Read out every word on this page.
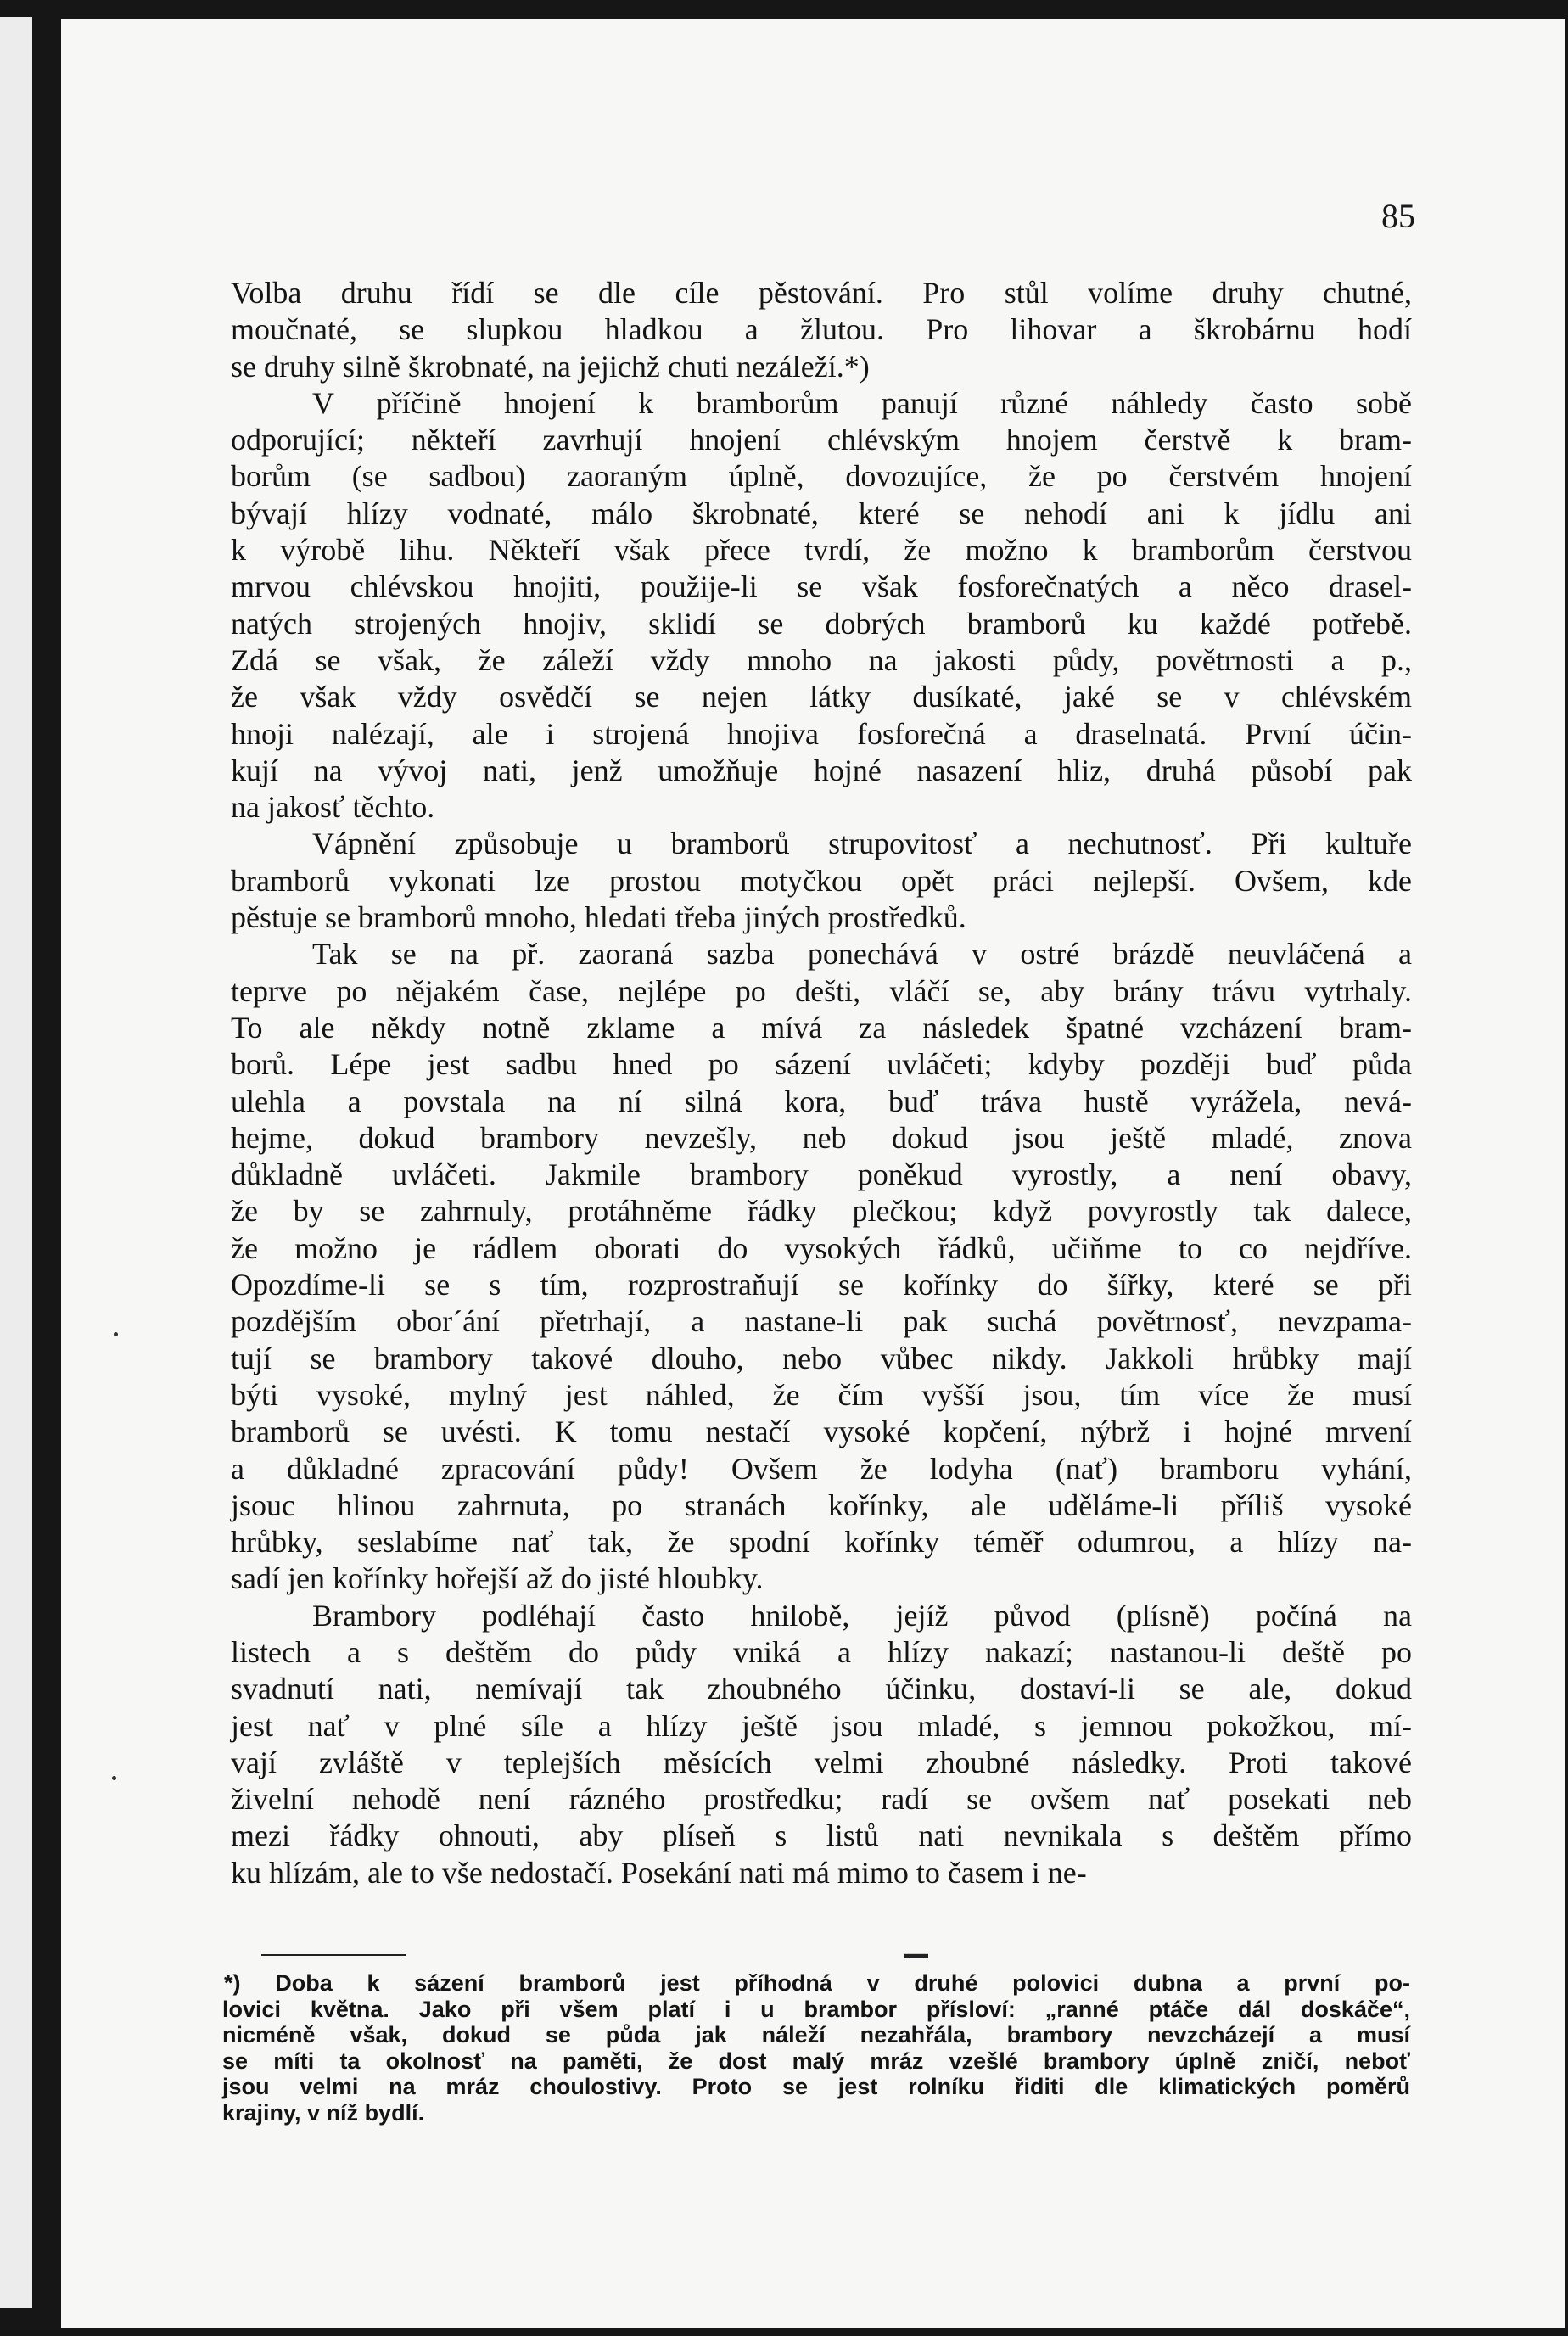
85

Volba druhu řídí se dle cíle pěstování. Pro stůl volíme druhy chutné,
moučnaté, se slupkou hladkou a žlutou. Pro lihovar a škrobárnu hodí
se druhy silně škrobnaté, na jejichž chuti nezáleží.*)

V příčině hnojení k bramborům panují různé náhledy často sobě
odporující; někteří zavrhují hnojení chlévským hnojem čerstvě k bram-
borům (se sadbou) zaoraným úplně, dovozujíce, že po čerstvém hnojení
bývají hlízy vodnaté, málo škrobnaté, které se nehodí ani k jídlu ani
k výrobě lihu. Někteří však přece tvrdí, že možno k bramborům čerstvou
mrvou chlévskou hnojiti, použije-li se však fosforečnatých a něco drasel-
natých strojených hnojiv, sklidí se dobrých bramborů ku každé potřebě.
Zdá se však, že záleží vždy mnoho na jakosti půdy, povětrnosti a p.,
že však vždy osvědčí se nejen látky dusíkaté, jaké se v chlévském
hnoji nalézají, ale i strojená hnojiva fosforečná a draselnatá. První účin-
kují na vývoj nati, jenž umožňuje hojné nasazení hliz, druhá působí pak
na jakosť těchto.

Vápnění způsobuje u bramborů strupovitosť a nechutnosť. Při kultuře
bramborů vykonati lze prostou motyčkou opět práci nejlepší. Ovšem, kde
pěstuje se bramborů mnoho, hledati třeba jiných prostředků.

Tak se na př. zaoraná sazba ponechává v ostré brázdě neuvláčená a
teprve po nějakém čase, nejlépe po dešti, vláčí se, aby brány trávu vytrhaly.
To ale někdy notně zklame a mívá za následek špatné vzcházení bram-
borů. Lépe jest sadbu hned po sázení uvláčeti; kdyby později buď půda
ulehla a povstala na ní silná kora, buď tráva hustě vyrážela, nevá-
hejme, dokud brambory nevzešly, neb dokud jsou ještě mladé, znova
důkladně uvláčeti. Jakmile brambory poněkud vyrostly, a není obavy,
že by se zahrnuly, protáhněme řádky plečkou; když povyrostly tak dalece,
že možno je rádlem oborati do vysokých řádků, učiňme to co nejdříve.
Opozdíme-li se s tím, rozprostraňují se kořínky do šířky, které se při
pozdějším obor´ání přetrhají, a nastane-li pak suchá povětrnosť, nevzpama-
tují se brambory takové dlouho, nebo vůbec nikdy. Jakkoli hrůbky mají
býti vysoké, mylný jest náhled, že čím vyšší jsou, tím více že musí
bramborů se uvésti. K tomu nestačí vysoké kopčení, nýbrž i hojné mrvení
a důkladné zpracování půdy! Ovšem že lodyha (nať) bramboru vyhání,
jsouc hlinou zahrnuta, po stranách kořínky, ale uděláme-li příliš vysoké
hrůbky, seslabíme nať tak, že spodní kořínky téměř odumrou, a hlízy na-
sadí jen kořínky hořejší až do jisté hloubky.

Brambory podléhají často hnilobě, jejíž původ (plísně) počíná na
listech a s deštěm do půdy vniká a hlízy nakazí; nastanou-li deště po
svadnutí nati, nemívají tak zhoubného účinku, dostaví-li se ale, dokud
jest nať v plné síle a hlízy ještě jsou mladé, s jemnou pokožkou, mí-
vají zvláště v teplejších měsících velmi zhoubné následky. Proti takové
živelní nehodě není rázného prostředku; radí se ovšem nať posekati neb
mezi řádky ohnouti, aby plíseň s listů nati nevnikala s deštěm přímo
ku hlízám, ale to vše nedostačí. Posekání nati má mimo to časem i ne-

▬▬

*) Doba k sázení bramborů jest příhodná v druhé polovici dubna a první po-
lovici května. Jako při všem platí i u brambor přísloví: „ranné ptáče dál doskáče“,
nicméně však, dokud se půda jak náleží nezahřála, brambory nevzcházejí a musí
se míti ta okolnosť na paměti, že dost malý mráz vzešlé brambory úplně zničí, neboť
jsou velmi na mráz choulostivy. Proto se jest rolníku řiditi dle klimatických poměrů
krajiny, v níž bydlí.
